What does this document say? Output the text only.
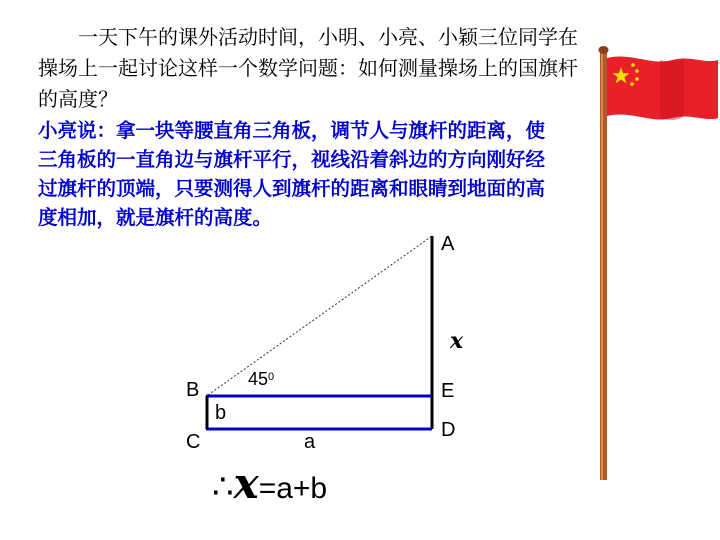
一天下午的课外活动时间，小明、小亮、小颖三位同学在操场上一起讨论这样一个数学问题：如何测量操场上的国旗杆的高度？

小亮说：拿一块等腰直角三角板，调节人与旗杆的距离，使三角板的一直角边与旗杆平行，视线沿着斜边的方向刚好经过旗杆的顶端，只要测得人到旗杆的距离和眼睛到地面的高度相加，就是旗杆的高度。

A
B
C
D
E
b
a
$45^0$
x
∴x=a+b
